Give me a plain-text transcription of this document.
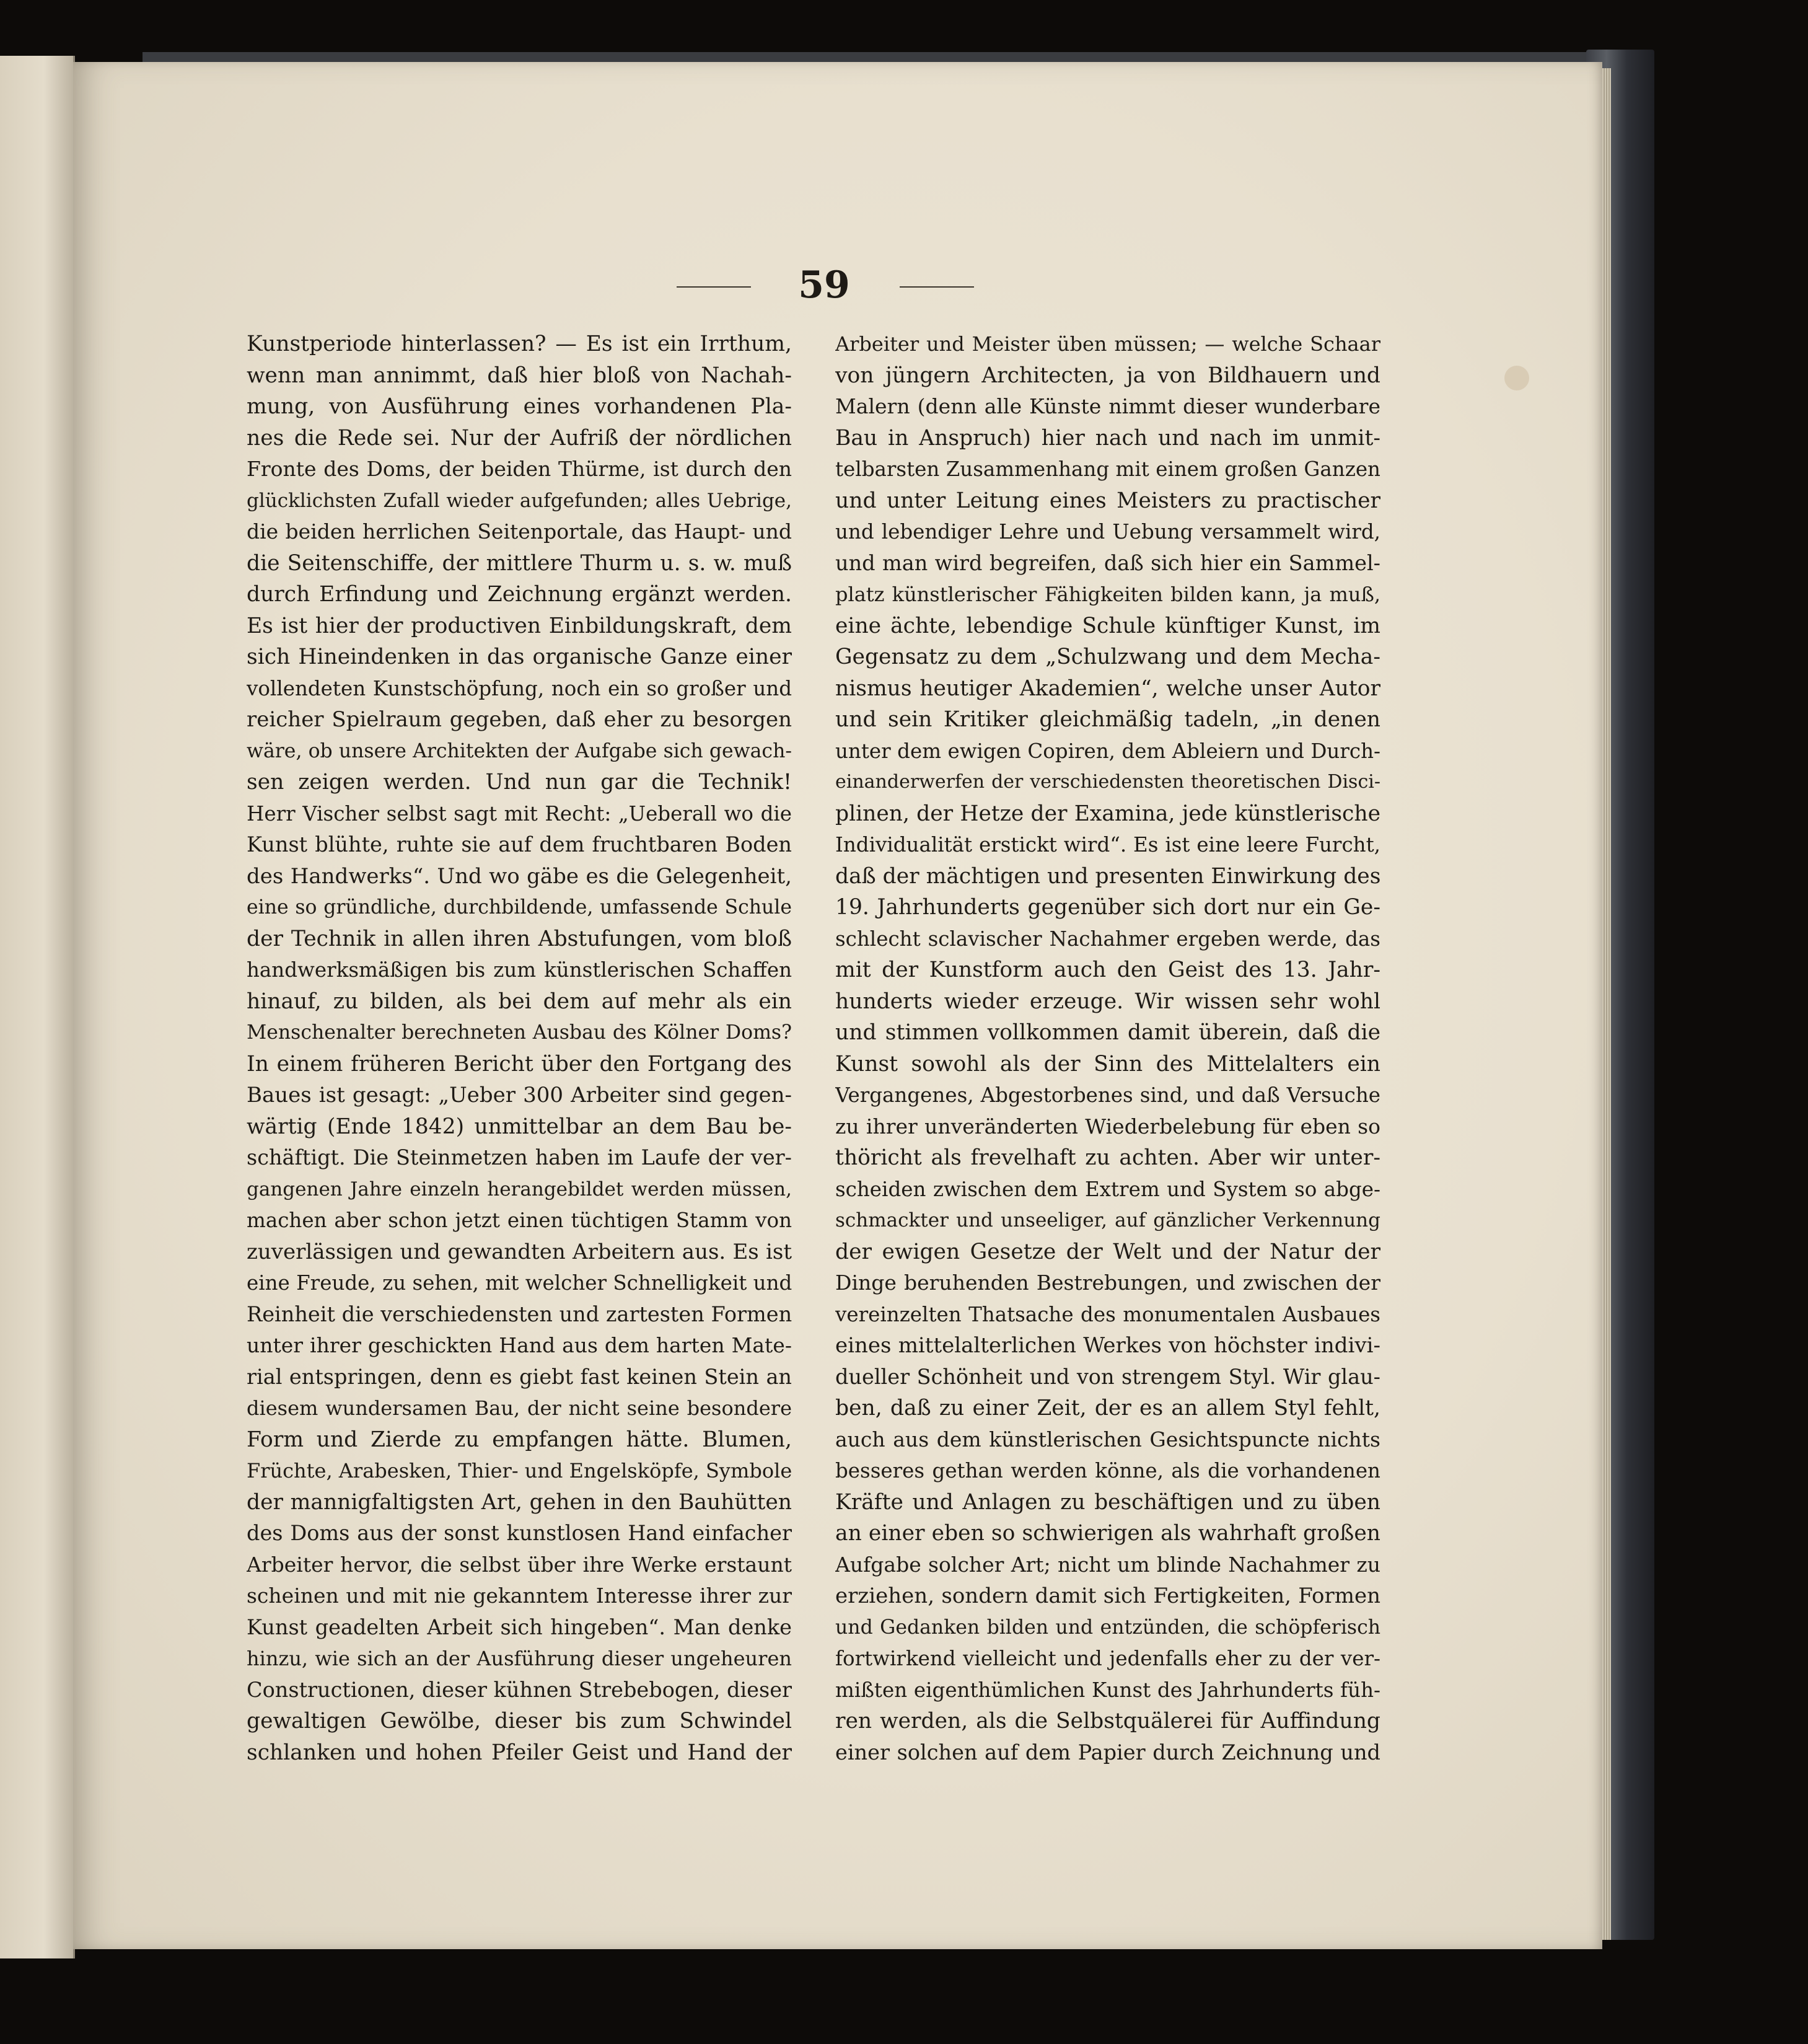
59
Kunstperiode hinterlassen? — Es ist ein Irrthum,
wenn man annimmt, daß hier bloß von Nachah-
mung, von Ausführung eines vorhandenen Pla-
nes die Rede sei. Nur der Aufriß der nördlichen
Fronte des Doms, der beiden Thürme, ist durch den
glücklichsten Zufall wieder aufgefunden; alles Uebrige,
die beiden herrlichen Seitenportale, das Haupt- und
die Seitenschiffe, der mittlere Thurm u. s. w. muß
durch Erfindung und Zeichnung ergänzt werden.
Es ist hier der productiven Einbildungskraft, dem
sich Hineindenken in das organische Ganze einer
vollendeten Kunstschöpfung, noch ein so großer und
reicher Spielraum gegeben, daß eher zu besorgen
wäre, ob unsere Architekten der Aufgabe sich gewach-
sen zeigen werden. Und nun gar die Technik!
Herr Vischer selbst sagt mit Recht: „Ueberall wo die
Kunst blühte, ruhte sie auf dem fruchtbaren Boden
des Handwerks“. Und wo gäbe es die Gelegenheit,
eine so gründliche, durchbildende, umfassende Schule
der Technik in allen ihren Abstufungen, vom bloß
handwerksmäßigen bis zum künstlerischen Schaffen
hinauf, zu bilden, als bei dem auf mehr als ein
Menschenalter berechneten Ausbau des Kölner Doms?
In einem früheren Bericht über den Fortgang des
Baues ist gesagt: „Ueber 300 Arbeiter sind gegen-
wärtig (Ende 1842) unmittelbar an dem Bau be-
schäftigt. Die Steinmetzen haben im Laufe der ver-
gangenen Jahre einzeln herangebildet werden müssen,
machen aber schon jetzt einen tüchtigen Stamm von
zuverlässigen und gewandten Arbeitern aus. Es ist
eine Freude, zu sehen, mit welcher Schnelligkeit und
Reinheit die verschiedensten und zartesten Formen
unter ihrer geschickten Hand aus dem harten Mate-
rial entspringen, denn es giebt fast keinen Stein an
diesem wundersamen Bau, der nicht seine besondere
Form und Zierde zu empfangen hätte. Blumen,
Früchte, Arabesken, Thier- und Engelsköpfe, Symbole
der mannigfaltigsten Art, gehen in den Bauhütten
des Doms aus der sonst kunstlosen Hand einfacher
Arbeiter hervor, die selbst über ihre Werke erstaunt
scheinen und mit nie gekanntem Interesse ihrer zur
Kunst geadelten Arbeit sich hingeben“. Man denke
hinzu, wie sich an der Ausführung dieser ungeheuren
Constructionen, dieser kühnen Strebebogen, dieser
gewaltigen Gewölbe, dieser bis zum Schwindel
schlanken und hohen Pfeiler Geist und Hand der
Arbeiter und Meister üben müssen; — welche Schaar
von jüngern Architecten, ja von Bildhauern und
Malern (denn alle Künste nimmt dieser wunderbare
Bau in Anspruch) hier nach und nach im unmit-
telbarsten Zusammenhang mit einem großen Ganzen
und unter Leitung eines Meisters zu practischer
und lebendiger Lehre und Uebung versammelt wird,
und man wird begreifen, daß sich hier ein Sammel-
platz künstlerischer Fähigkeiten bilden kann, ja muß,
eine ächte, lebendige Schule künftiger Kunst, im
Gegensatz zu dem „Schulzwang und dem Mecha-
nismus heutiger Akademien“, welche unser Autor
und sein Kritiker gleichmäßig tadeln, „in denen
unter dem ewigen Copiren, dem Ableiern und Durch-
einanderwerfen der verschiedensten theoretischen Disci-
plinen, der Hetze der Examina, jede künstlerische
Individualität erstickt wird“. Es ist eine leere Furcht,
daß der mächtigen und presenten Einwirkung des
19. Jahrhunderts gegenüber sich dort nur ein Ge-
schlecht sclavischer Nachahmer ergeben werde, das
mit der Kunstform auch den Geist des 13. Jahr-
hunderts wieder erzeuge. Wir wissen sehr wohl
und stimmen vollkommen damit überein, daß die
Kunst sowohl als der Sinn des Mittelalters ein
Vergangenes, Abgestorbenes sind, und daß Versuche
zu ihrer unveränderten Wiederbelebung für eben so
thöricht als frevelhaft zu achten. Aber wir unter-
scheiden zwischen dem Extrem und System so abge-
schmackter und unseeliger, auf gänzlicher Verkennung
der ewigen Gesetze der Welt und der Natur der
Dinge beruhenden Bestrebungen, und zwischen der
vereinzelten Thatsache des monumentalen Ausbaues
eines mittelalterlichen Werkes von höchster indivi-
dueller Schönheit und von strengem Styl. Wir glau-
ben, daß zu einer Zeit, der es an allem Styl fehlt,
auch aus dem künstlerischen Gesichtspuncte nichts
besseres gethan werden könne, als die vorhandenen
Kräfte und Anlagen zu beschäftigen und zu üben
an einer eben so schwierigen als wahrhaft großen
Aufgabe solcher Art; nicht um blinde Nachahmer zu
erziehen, sondern damit sich Fertigkeiten, Formen
und Gedanken bilden und entzünden, die schöpferisch
fortwirkend vielleicht und jedenfalls eher zu der ver-
mißten eigenthümlichen Kunst des Jahrhunderts füh-
ren werden, als die Selbstquälerei für Auffindung
einer solchen auf dem Papier durch Zeichnung und
